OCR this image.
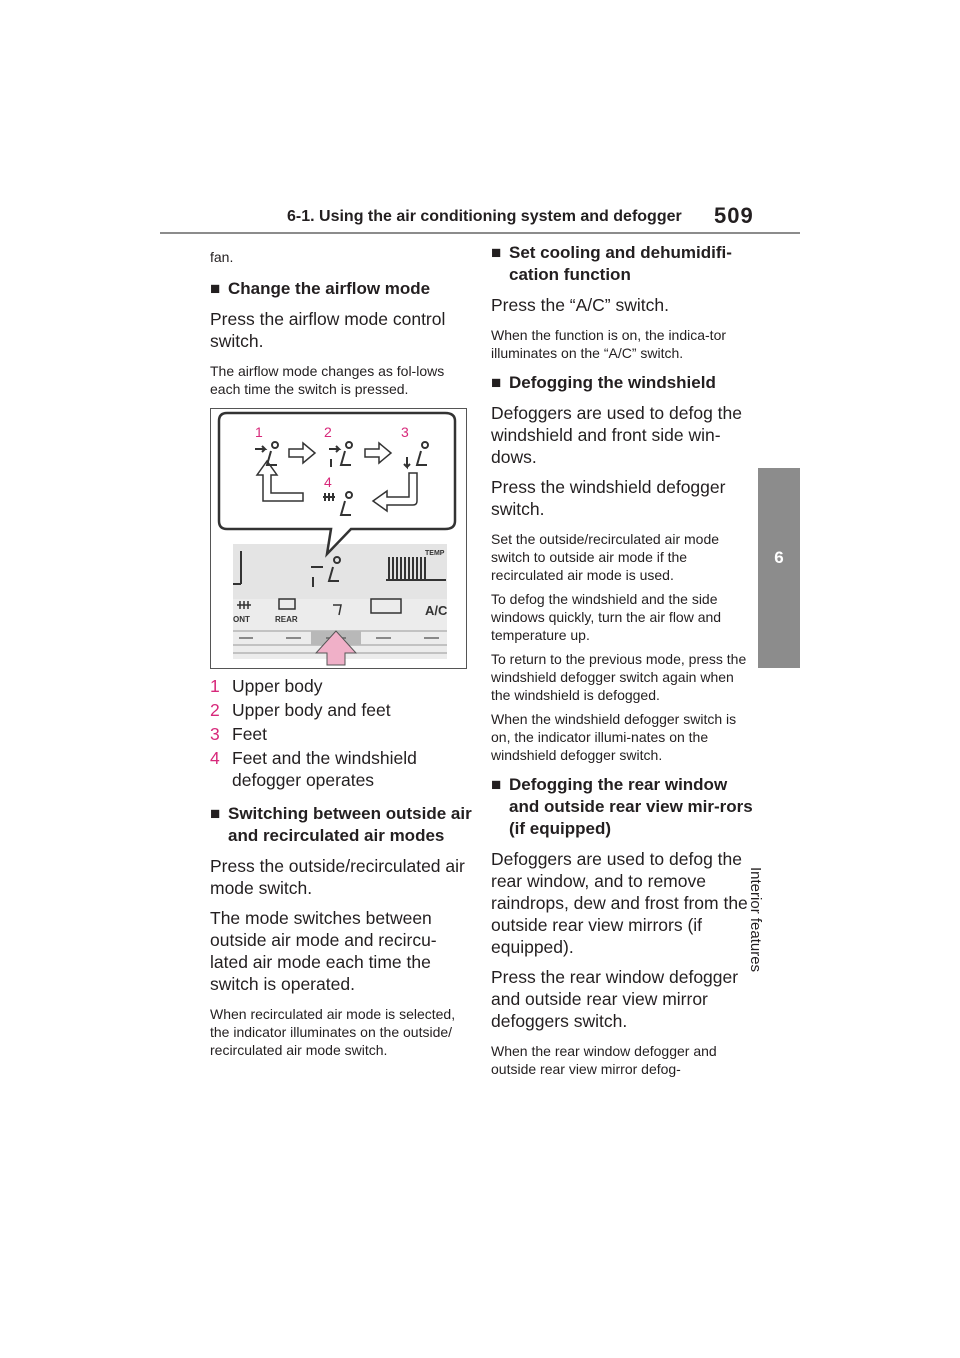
6-1. Using the air conditioning system and defogger 509
6
Interior features

fan.

■ Change the airflow mode

Press the airflow mode control switch.

The airflow mode changes as fol-lows each time the switch is pressed.

TEMP
ONT	REAR
A/C
1	2	3
4

1 Upper body

2 Upper body and feet

3 Feet

4 Feet and the windshield defogger operates

■ Switching between outside air and recirculated air modes

Press the outside/recirculated air mode switch.

The mode switches between outside air mode and recircu-lated air mode each time the switch is operated.

When recirculated air mode is selected, the indicator illuminates on the outside/ recirculated air mode switch.

■ Set cooling and dehumidifi-cation function

Press the “A/C” switch.

When the function is on, the indica-tor illuminates on the “A/C” switch.

■ Defogging the windshield

Defoggers are used to defog the windshield and front side win-dows.

Press the windshield defogger switch.

Set the outside/recirculated air mode switch to outside air mode if the recirculated air mode is used.

To defog the windshield and the side windows quickly, turn the air flow and temperature up.

To return to the previous mode, press the windshield defogger switch again when the windshield is defogged.

When the windshield defogger switch is on, the indicator illumi-nates on the windshield defogger switch.

■ Defogging the rear window and outside rear view mir-rors (if equipped)

Defoggers are used to defog the rear window, and to remove raindrops, dew and frost from the outside rear view mirrors (if equipped).

Press the rear window defogger and outside rear view mirror defoggers switch.

When the rear window defogger and outside rear view mirror defog-
